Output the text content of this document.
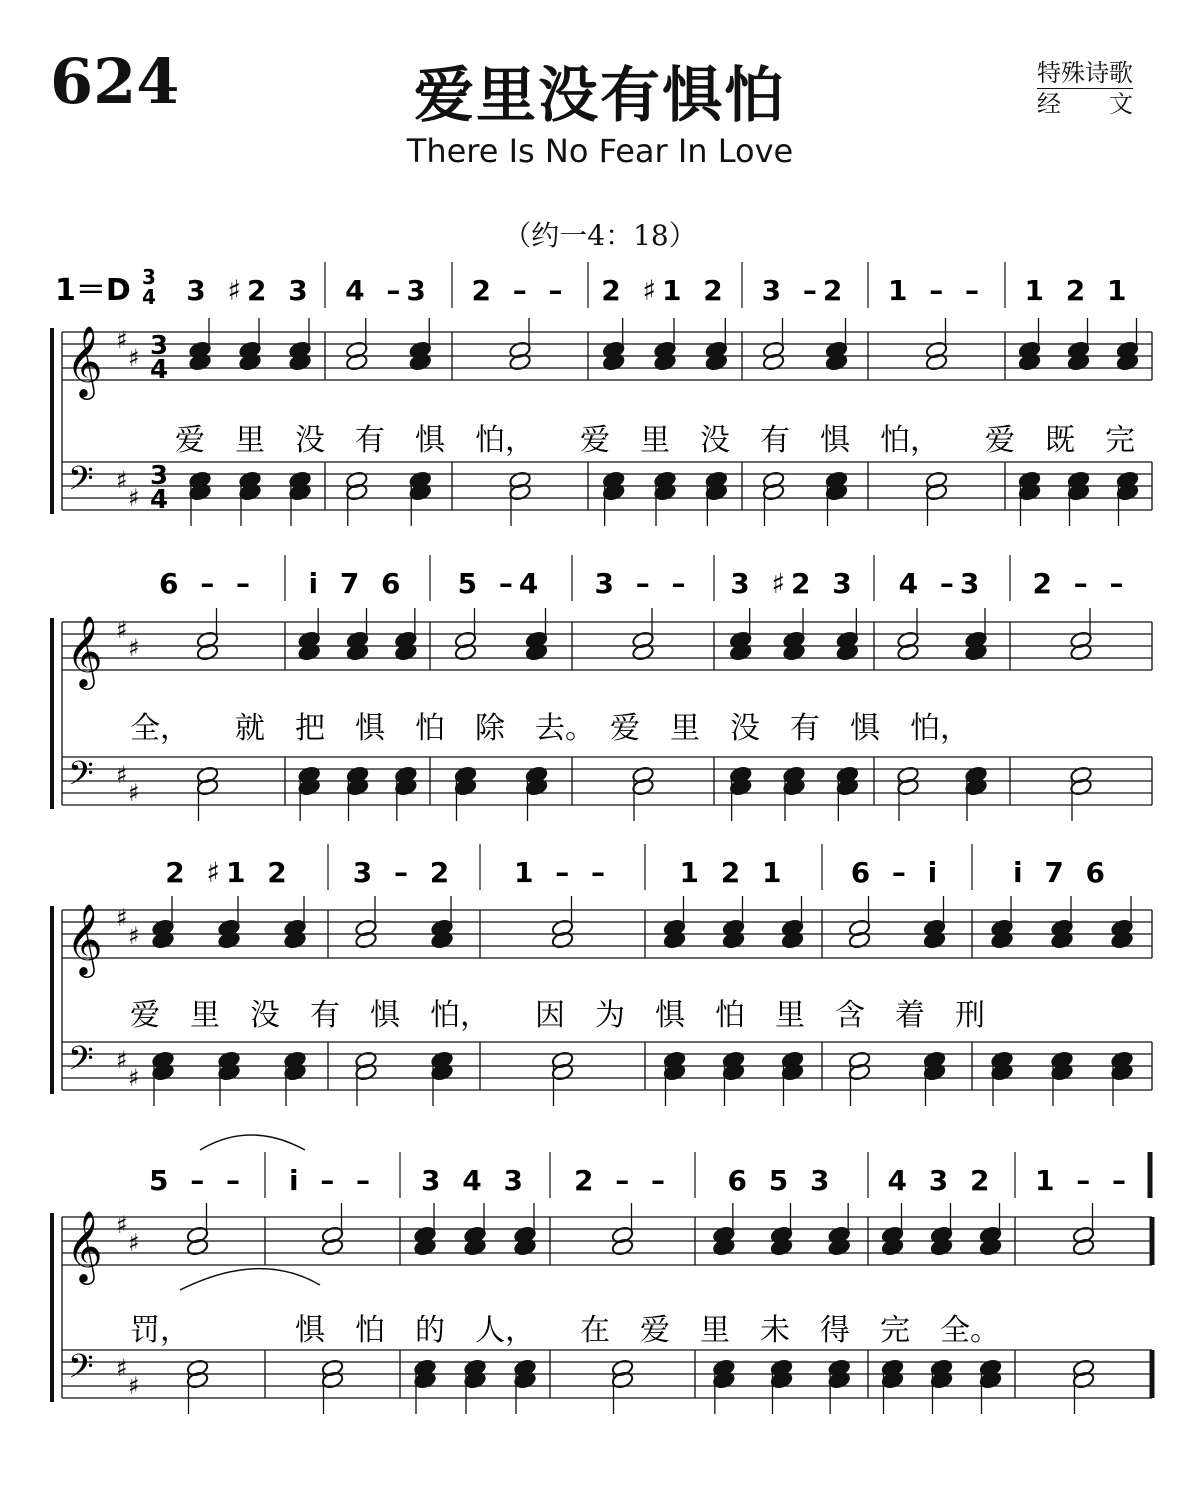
624	爱里没有惧怕
There Is No Fear In Love
特殊诗歌
经　　文
（约一4：18）
1＝D 3
4 3 ♯2 3 4 –3 2 – – 2 ♯1 2 3 –2 1 – – 1 2 1
𝄞 ♯
♯ 3
4
𝄢 ♯
♯
3
4
爱　里　没　有　惧　怕，　　爱　里　没　有　惧　怕，　　爱　既　完
6 – – i 7 6 5 –4 3 – – 3 ♯2 3 4 –3 2 – –
𝄞 ♯
♯
𝄢 ♯
♯
全，　　就　把　惧　怕　除　去。　爱　里　没　有　惧　怕，
2 ♯1 2 3 – 2 1 – – 1 2 1 6 – i i 7 6
𝄞 ♯
♯
𝄢 ♯
♯
爱　里　没　有　惧　怕，　　因　为　惧　怕　里　含　着　刑
5 – – i – – 3 4 3 2 – – 6 5 3 4 3 2 1 – –
𝄞 ♯
♯
𝄢 ♯
♯
罚，　　　　惧　怕　的　人，　　在　爱　里　未　得　完　全。
